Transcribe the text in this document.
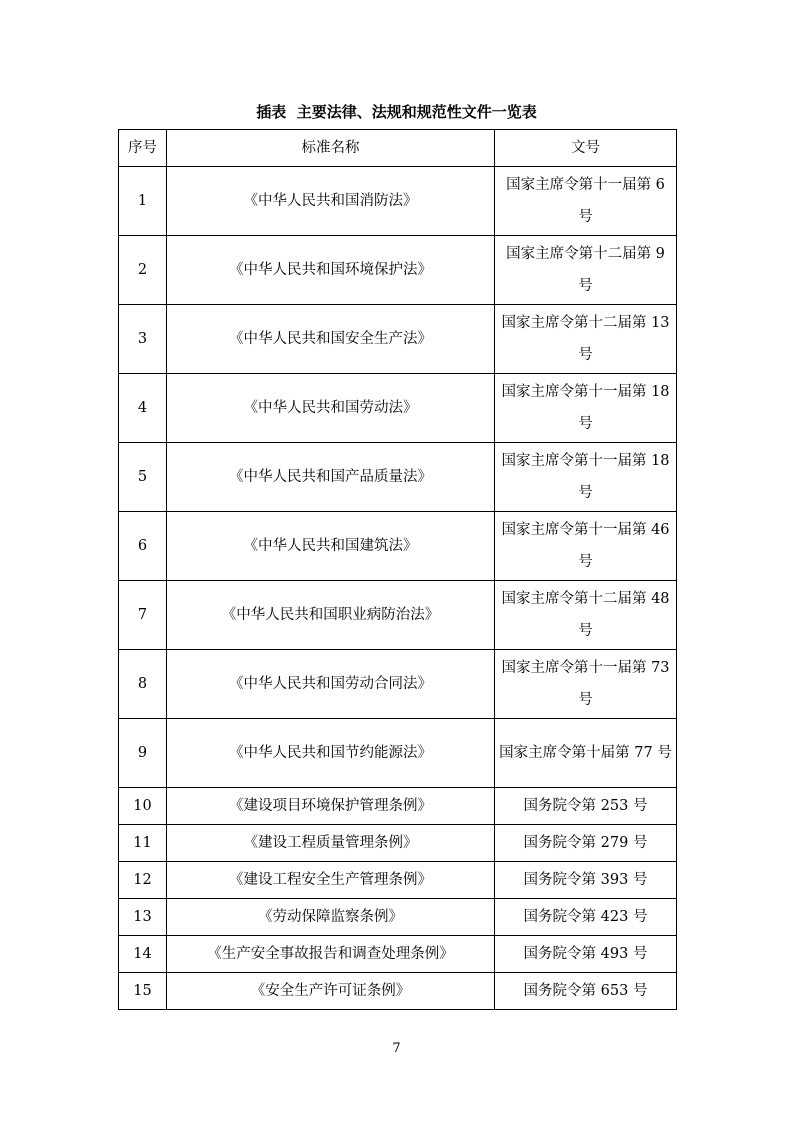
插表  主要法律、法规和规范性文件一览表
序号	标准名称	文号
1	《中华人民共和国消防法》	国家主席令第十一届第 6 号
2	《中华人民共和国环境保护法》	国家主席令第十二届第 9 号
3	《中华人民共和国安全生产法》	国家主席令第十二届第 13 号
4	《中华人民共和国劳动法》	国家主席令第十一届第 18 号
5	《中华人民共和国产品质量法》	国家主席令第十一届第 18 号
6	《中华人民共和国建筑法》	国家主席令第十一届第 46 号
7	《中华人民共和国职业病防治法》	国家主席令第十二届第 48 号
8	《中华人民共和国劳动合同法》	国家主席令第十一届第 73 号
9	《中华人民共和国节约能源法》	国家主席令第十届第 77 号
10	《建设项目环境保护管理条例》	国务院令第 253 号
11	《建设工程质量管理条例》	国务院令第 279 号
12	《建设工程安全生产管理条例》	国务院令第 393 号
13	《劳动保障监察条例》	国务院令第 423 号
14	《生产安全事故报告和调查处理条例》	国务院令第 493 号
15	《安全生产许可证条例》	国务院令第 653 号
7
